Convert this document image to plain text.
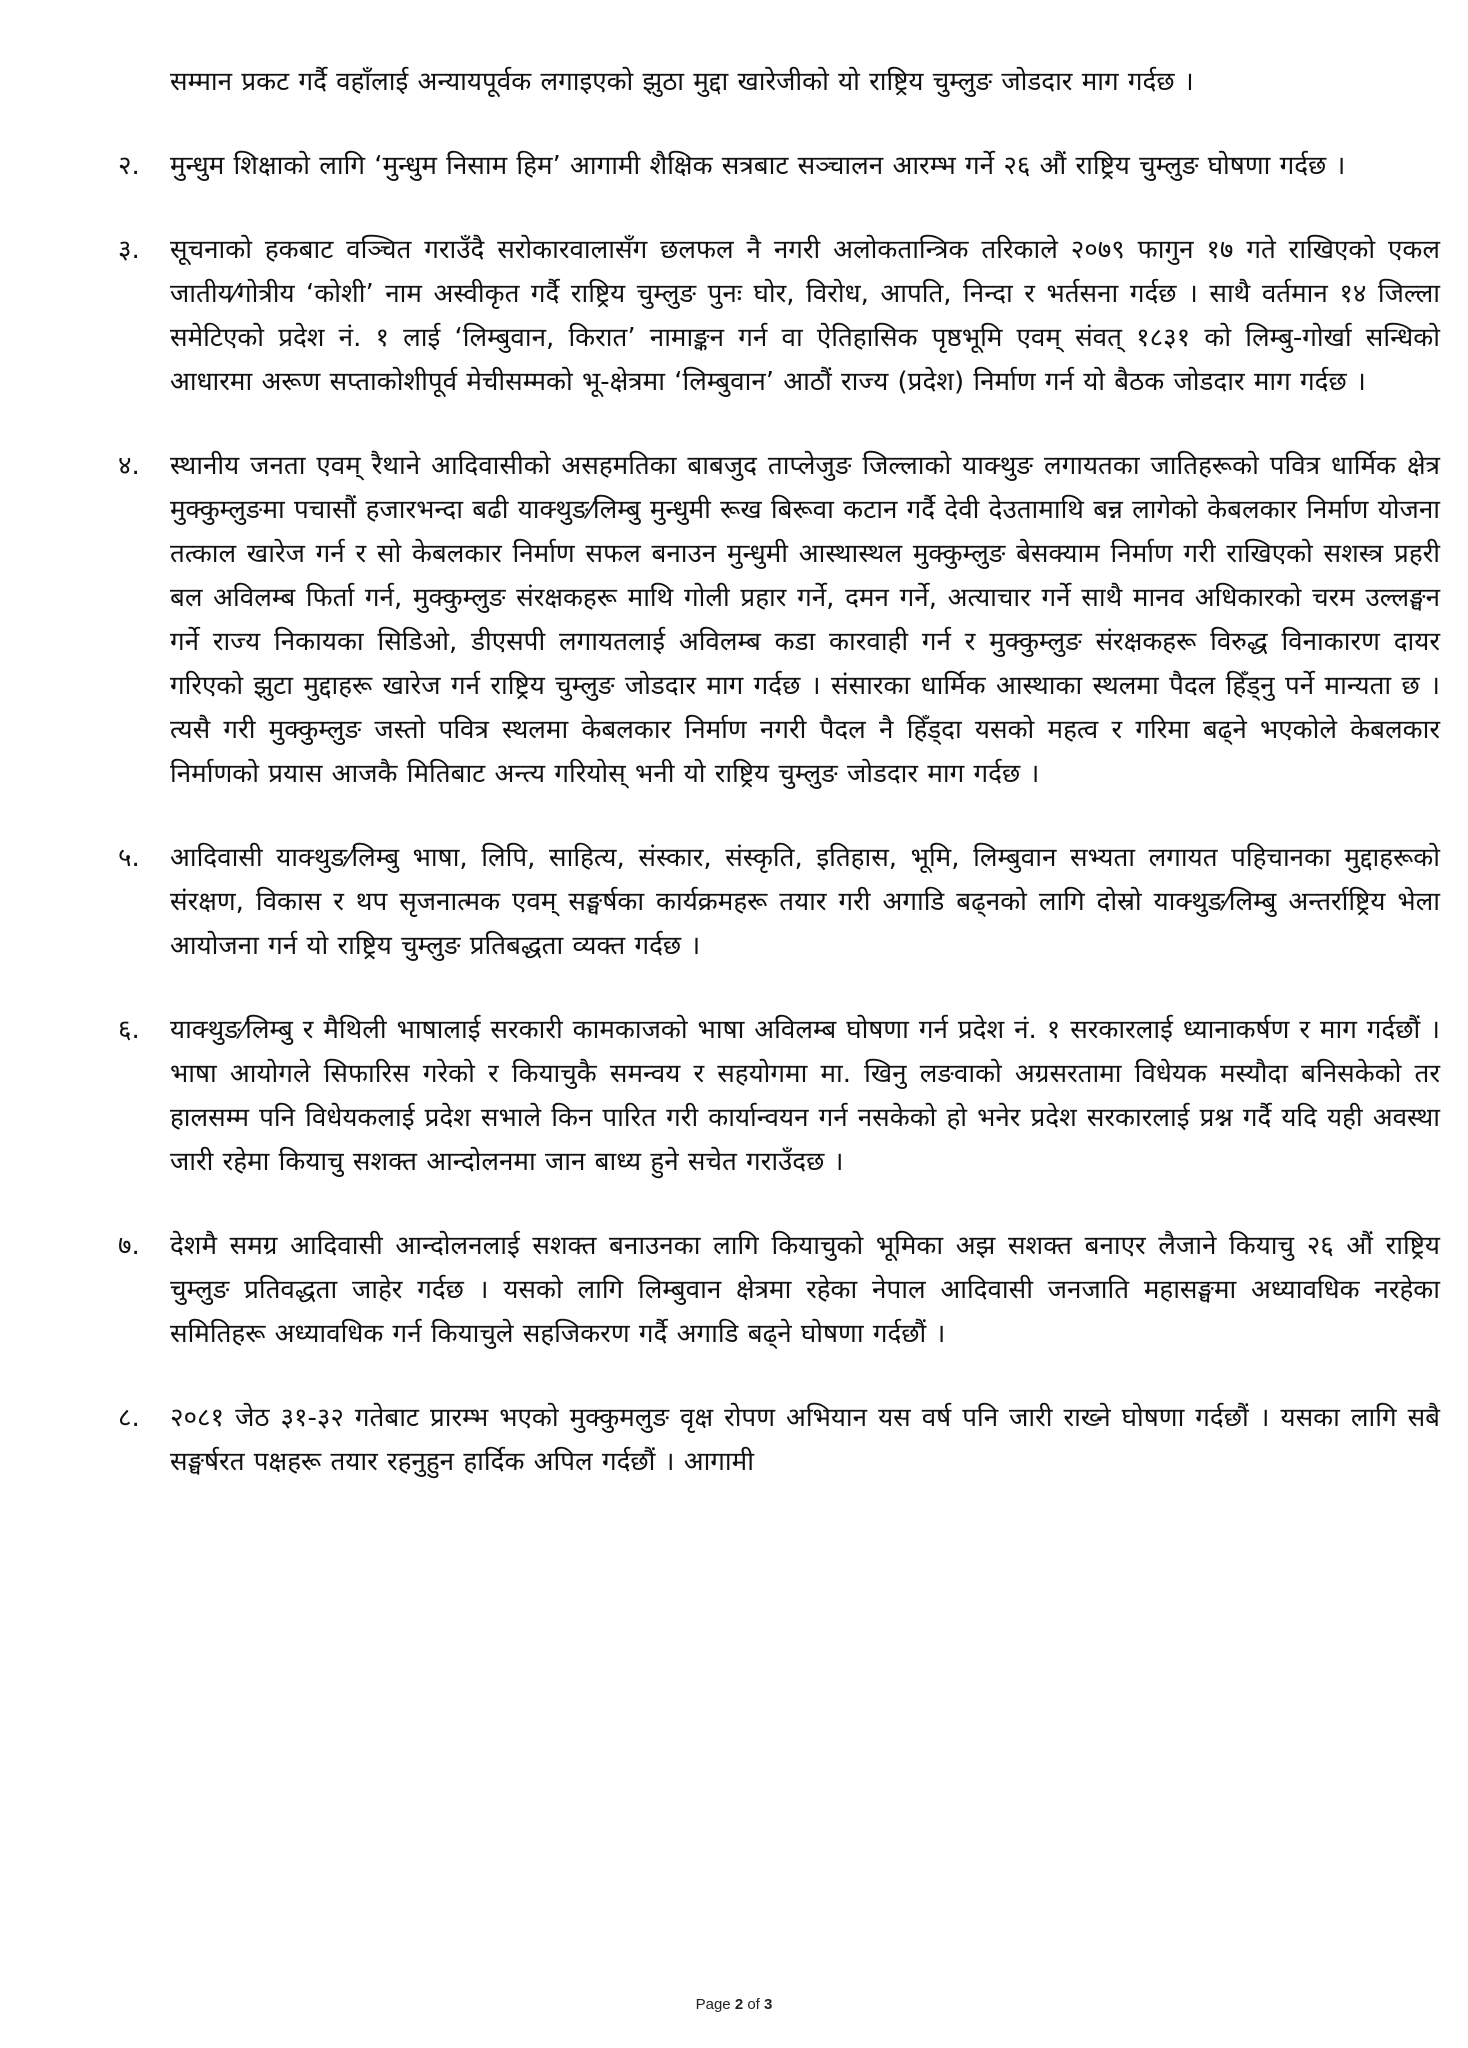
सम्मान प्रकट गर्दै वहाँलाई अन्यायपूर्वक लगाइएको झुठा मुद्दा खारेजीको यो राष्ट्रिय चुम्लुङ जोडदार माग गर्दछ ।
२.	मुन्धुम शिक्षाको लागि ‘मुन्धुम निसाम हिम’ आगामी शैक्षिक सत्रबाट सञ्चालन आरम्भ गर्ने २६ औं राष्ट्रिय चुम्लुङ घोषणा गर्दछ ।
३.	सूचनाको हकबाट वञ्चित गराउँदै सरोकारवालासँग छलफल नै नगरी अलोकतान्त्रिक तरिकाले २०७९ फागुन १७ गते राखिएको एकल जातीय⁄गोत्रीय ‘कोशी’ नाम अस्वीकृत गर्दै राष्ट्रिय चुम्लुङ पुनः घोर, विरोध, आपति, निन्दा र भर्तसना गर्दछ । साथै वर्तमान १४ जिल्ला समेटिएको प्रदेश नं. १ लाई ‘लिम्बुवान, किरात’ नामाङ्कन गर्न वा ऐतिहासिक पृष्ठभूमि एवम् संवत् १८३१ को लिम्बु-गोर्खा सन्धिको आधारमा अरूण सप्ताकोशीपूर्व मेचीसम्मको भू-क्षेत्रमा ‘लिम्बुवान’ आठौं राज्य (प्रदेश) निर्माण गर्न यो बैठक जोडदार माग गर्दछ ।
४.	स्थानीय जनता एवम् रैथाने आदिवासीको असहमतिका बाबजुद ताप्लेजुङ जिल्लाको याक्थुङ लगायतका जातिहरूको पवित्र धार्मिक क्षेत्र मुक्कुम्लुङमा पचासौं हजारभन्दा बढी याक्थुङ⁄लिम्बु मुन्धुमी रूख बिरूवा कटान गर्दै देवी देउतामाथि बन्न लागेको केबलकार निर्माण योजना तत्काल खारेज गर्न र सो केबलकार निर्माण सफल बनाउन मुन्धुमी आस्थास्थल मुक्कुम्लुङ बेसक्याम निर्माण गरी राखिएको सशस्त्र प्रहरी बल अविलम्ब फिर्ता गर्न, मुक्कुम्लुङ संरक्षकहरू माथि गोली प्रहार गर्ने, दमन गर्ने, अत्याचार गर्ने साथै मानव अधिकारको चरम उल्लङ्घन गर्ने राज्य निकायका सिडिओ, डीएसपी लगायतलाई अविलम्ब कडा कारवाही गर्न र मुक्कुम्लुङ संरक्षकहरू विरुद्ध विनाकारण दायर गरिएको झुटा मुद्दाहरू खारेज गर्न राष्ट्रिय चुम्लुङ जोडदार माग गर्दछ । संसारका धार्मिक आस्थाका स्थलमा पैदल हिँड्नु पर्ने मान्यता छ । त्यसै गरी मुक्कुम्लुङ जस्तो पवित्र स्थलमा केबलकार निर्माण नगरी पैदल नै हिँड्दा यसको महत्व र गरिमा बढ्ने भएकोले केबलकार निर्माणको प्रयास आजकै मितिबाट अन्त्य गरियोस् भनी यो राष्ट्रिय चुम्लुङ जोडदार माग गर्दछ ।
५.	आदिवासी याक्थुङ⁄लिम्बु भाषा, लिपि, साहित्य, संस्कार, संस्कृति, इतिहास, भूमि, लिम्बुवान सभ्यता लगायत पहिचानका मुद्दाहरूको संरक्षण, विकास र थप सृजनात्मक एवम् सङ्घर्षका कार्यक्रमहरू तयार गरी अगाडि बढ्नको लागि दोस्रो याक्थुङ⁄लिम्बु अन्तर्राष्ट्रिय भेला आयोजना गर्न यो राष्ट्रिय चुम्लुङ प्रतिबद्धता व्यक्त गर्दछ ।
६.	याक्थुङ⁄लिम्बु र मैथिली भाषालाई सरकारी कामकाजको भाषा अविलम्ब घोषणा गर्न प्रदेश नं. १ सरकारलाई ध्यानाकर्षण र माग गर्दछौं । भाषा आयोगले सिफारिस गरेको र कियाचुकै समन्वय र सहयोगमा मा. खिनु लङवाको अग्रसरतामा विधेयक मस्यौदा बनिसकेको तर हालसम्म पनि विधेयकलाई प्रदेश सभाले किन पारित गरी कार्यान्वयन गर्न नसकेको हो भनेर प्रदेश सरकारलाई प्रश्न गर्दै यदि यही अवस्था जारी रहेमा कियाचु सशक्त आन्दोलनमा जान बाध्य हुने सचेत गराउँदछ ।
७.	देशमै समग्र आदिवासी आन्दोलनलाई सशक्त बनाउनका लागि कियाचुको भूमिका अझ सशक्त बनाएर लैजाने कियाचु २६ औं राष्ट्रिय चुम्लुङ प्रतिवद्धता जाहेर गर्दछ । यसको लागि लिम्बुवान क्षेत्रमा रहेका नेपाल आदिवासी जनजाति महासङ्घमा अध्यावधिक नरहेका समितिहरू अध्यावधिक गर्न कियाचुले सहजिकरण गर्दै अगाडि बढ्ने घोषणा गर्दछौं ।
८.	२०८१ जेठ ३१-३२ गतेबाट प्रारम्भ भएको मुक्कुमलुङ वृक्ष रोपण अभियान यस वर्ष पनि जारी राख्ने घोषणा गर्दछौं । यसका लागि सबै सङ्घर्षरत पक्षहरू तयार रहनुहुन हार्दिक अपिल गर्दछौं । आगामी
Page 2 of 3
